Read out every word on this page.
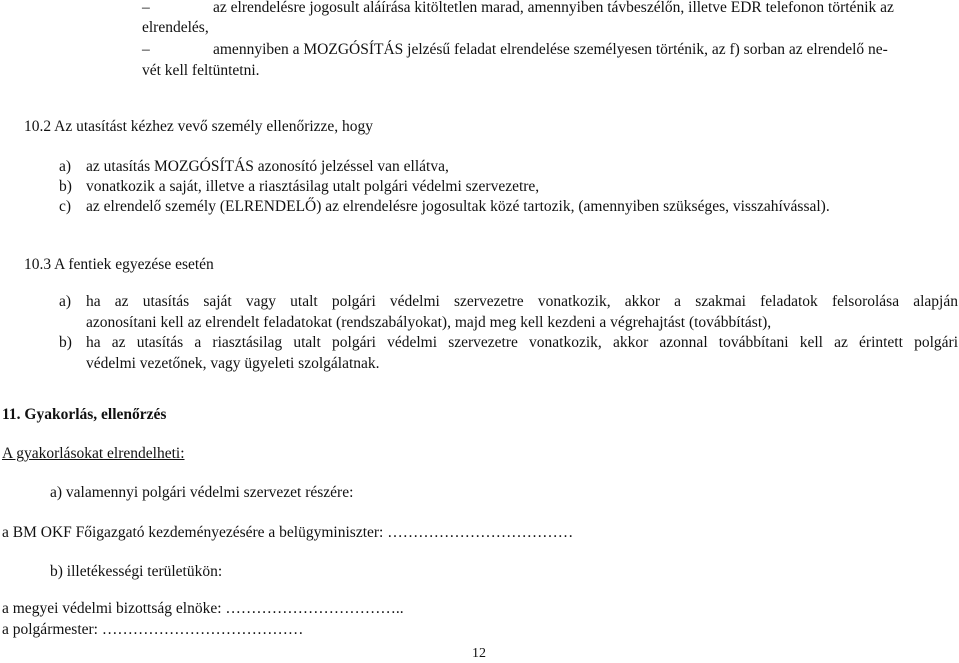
–	az elrendelésre jogosult aláírása kitöltetlen marad, amennyiben távbeszélőn, illetve EDR telefonon történik az
elrendelés,
–	amennyiben a MOZGÓSÍTÁS jelzésű feladat elrendelése személyesen történik, az f) sorban az elrendelő ne-
vét kell feltüntetni.
10.2 Az utasítást kézhez vevő személy ellenőrizze, hogy
a) az utasítás MOZGÓSÍTÁS azonosító jelzéssel van ellátva,
b) vonatkozik a saját, illetve a riasztásilag utalt polgári védelmi szervezetre,
c) az elrendelő személy (ELRENDELŐ) az elrendelésre jogosultak közé tartozik, (amennyiben szükséges, visszahívással).
10.3 A fentiek egyezése esetén
a) ha az utasítás saját vagy utalt polgári védelmi szervezetre vonatkozik, akkor a szakmai feladatok felsorolása alapján
azonosítani kell az elrendelt feladatokat (rendszabályokat), majd meg kell kezdeni a végrehajtást (továbbítást),
b) ha az utasítás a riasztásilag utalt polgári védelmi szervezetre vonatkozik, akkor azonnal továbbítani kell az érintett polgári
védelmi vezetőnek, vagy ügyeleti szolgálatnak.
11. Gyakorlás, ellenőrzés
A gyakorlásokat elrendelheti:
a) valamennyi polgári védelmi szervezet részére:
a BM OKF Főigazgató kezdeményezésére a belügyminiszter: ………………………………
b) illetékességi területükön:
a megyei védelmi bizottság elnöke: ……………………………..
a polgármester: …………………………………
12
